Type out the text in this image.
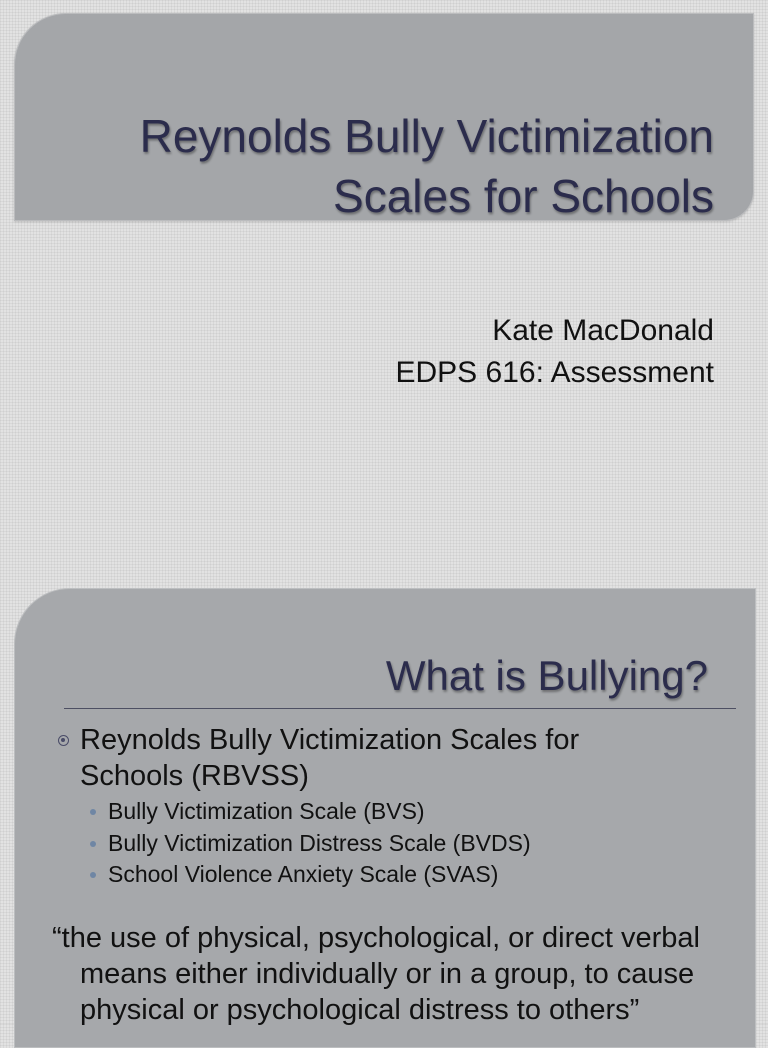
Reynolds Bully Victimization
Scales for Schools
Kate MacDonald
EDPS 616: Assessment
What is Bullying?
Reynolds Bully Victimization Scales for
Schools (RBVSS)
Bully Victimization Scale (BVS)
Bully Victimization Distress Scale (BVDS)
School Violence Anxiety Scale (SVAS)
“the use of physical, psychological, or direct verbal means either individually or in a group, to cause physical or psychological distress to others”
